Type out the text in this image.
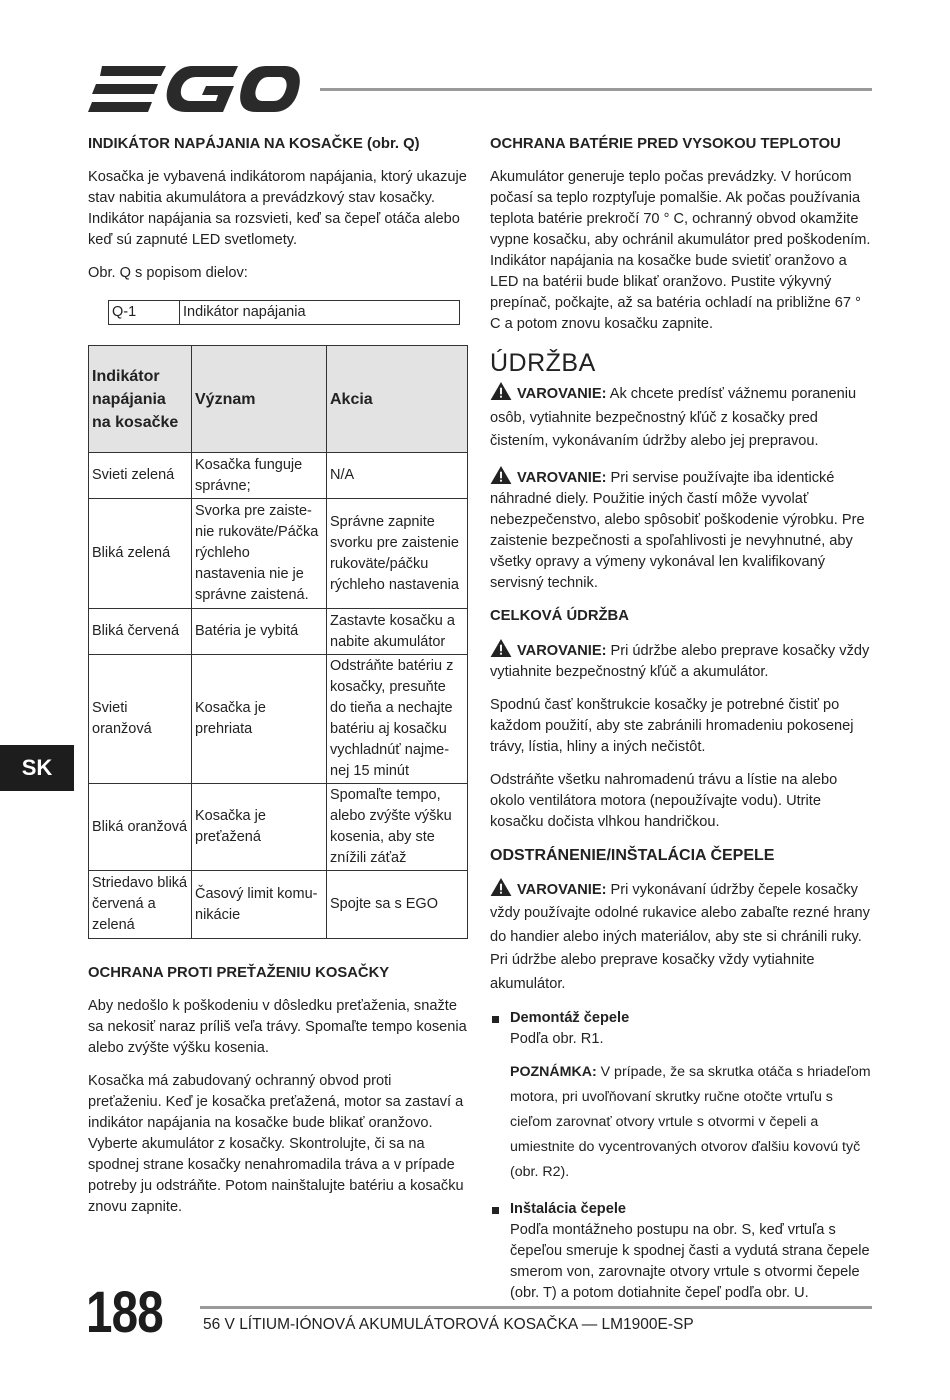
EGO
INDIKÁTOR NAPÁJANIA NA KOSAČKE (obr. Q)

Kosačka je vybavená indikátorom napájania, ktorý ukazuje stav nabitia akumulátora a prevádzkový stav kosačky. Indikátor napájania sa rozsvieti, keď sa čepeľ otáča alebo keď sú zapnuté LED svetlomety.

Obr. Q s popisom dielov:

Q-1	Indikátor napájania
Indikátor napájania na kosačke	Význam	Akcia
Svieti zelená	Kosačka funguje správne;	N/A
Bliká zelená	Svorka pre zaiste-nie rukoväte/Páčka rýchleho nastavenia nie je správne zaistená.	Správne zapnite svorku pre zaistenie rukoväte/páčku rýchleho nastavenia
Bliká červená	Batéria je vybitá	Zastavte kosačku a nabite akumulátor
Svieti oranžová	Kosačka je prehriata	Odstráňte batériu z kosačky, presuňte do tieňa a nechajte batériu aj kosačku vychladnúť najme-nej 15 minút
Bliká oranžová	Kosačka je preťažená	Spomaľte tempo, alebo zvýšte výšku kosenia, aby ste znížili záťaž
Striedavo bliká červená a zelená	Časový limit komu-nikácie	Spojte sa s EGO
OCHRANA PROTI PREŤAŽENIU KOSAČKY

Aby nedošlo k poškodeniu v dôsledku preťaženia, snažte sa nekosiť naraz príliš veľa trávy. Spomaľte tempo kosenia alebo zvýšte výšku kosenia.

Kosačka má zabudovaný ochranný obvod proti preťaženiu. Keď je kosačka preťažená, motor sa zastaví a indikátor napájania na kosačke bude blikať oranžovo. Vyberte akumulátor z kosačky. Skontrolujte, či sa na spodnej strane kosačky nenahromadila tráva a v prípade potreby ju odstráňte. Potom nainštalujte batériu a kosačku znovu zapnite.

OCHRANA BATÉRIE PRED VYSOKOU TEPLOTOU

Akumulátor generuje teplo počas prevádzky. V horúcom počasí sa teplo rozptyľuje pomalšie. Ak počas používania teplota batérie prekročí 70 ° C, ochranný obvod okamžite vypne kosačku, aby ochránil akumulátor pred poškodením. Indikátor napájania na kosačke bude svietiť oranžovo a LED na batérii bude blikať oranžovo. Pustite výkyvný prepínač, počkajte, až sa batéria ochladí na približne 67 ° C a potom znovu kosačku zapnite.

ÚDRŽBA

VAROVANIE: Ak chcete predísť vážnemu poraneniu osôb, vytiahnite bezpečnostný kľúč z kosačky pred čistením, vykonávaním údržby alebo jej prepravou.

VAROVANIE: Pri servise používajte iba identické náhradné diely. Použitie iných častí môže vyvolať nebezpečenstvo, alebo spôsobiť poškodenie výrobku. Pre zaistenie bezpečnosti a spoľahlivosti je nevyhnutné, aby všetky opravy a výmeny vykonával len kvalifikovaný servisný technik.

CELKOVÁ ÚDRŽBA

VAROVANIE: Pri údržbe alebo preprave kosačky vždy vytiahnite bezpečnostný kľúč a akumulátor.

Spodnú časť konštrukcie kosačky je potrebné čistiť po každom použití, aby ste zabránili hromadeniu pokosenej trávy, lístia, hliny a iných nečistôt.

Odstráňte všetku nahromadenú trávu a lístie na alebo okolo ventilátora motora (nepoužívajte vodu). Utrite kosačku dočista vlhkou handričkou.

ODSTRÁNENIE/INŠTALÁCIA ČEPELE

VAROVANIE: Pri vykonávaní údržby čepele kosačky vždy používajte odolné rukavice alebo zabaľte rezné hrany do handier alebo iných materiálov, aby ste si chránili ruky. Pri údržbe alebo preprave kosačky vždy vytiahnite akumulátor.

Demontáž čepele
Podľa obr. R1.
POZNÁMKA: V prípade, že sa skrutka otáča s hriadeľom motora, pri uvoľňovaní skrutky ručne otočte vrtuľu s cieľom zarovnať otvory vrtule s otvormi v čepeli a umiestnite do vycentrovaných otvorov ďalšiu kovovú tyč (obr. R2).
Inštalácia čepele
Podľa montážneho postupu na obr. S, keď vrtuľa s čepeľou smeruje k spodnej časti a vydutá strana čepele smerom von, zarovnajte otvory vrtule s otvormi čepele (obr. T) a potom dotiahnite čepeľ podľa obr. U.
SK
188	56 V LÍTIUM-IÓNOVÁ AKUMULÁTOROVÁ KOSAČKA — LM1900E-SP
